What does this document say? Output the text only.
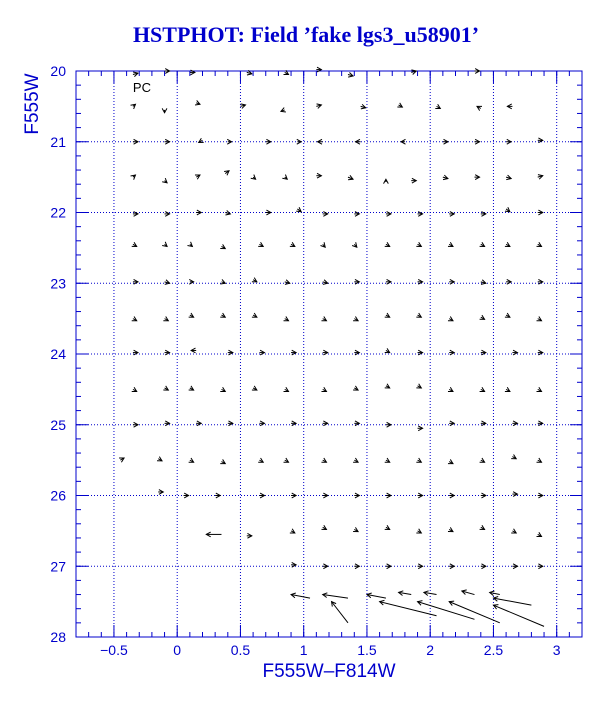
HSTPHOT: Field ’fake lgs3_u58901’
−0.5	0	0.5	1	1.5	2	2.5	3
20
21
22
23
24
25
26
27
28
F555W–F814W
F555W	PC
